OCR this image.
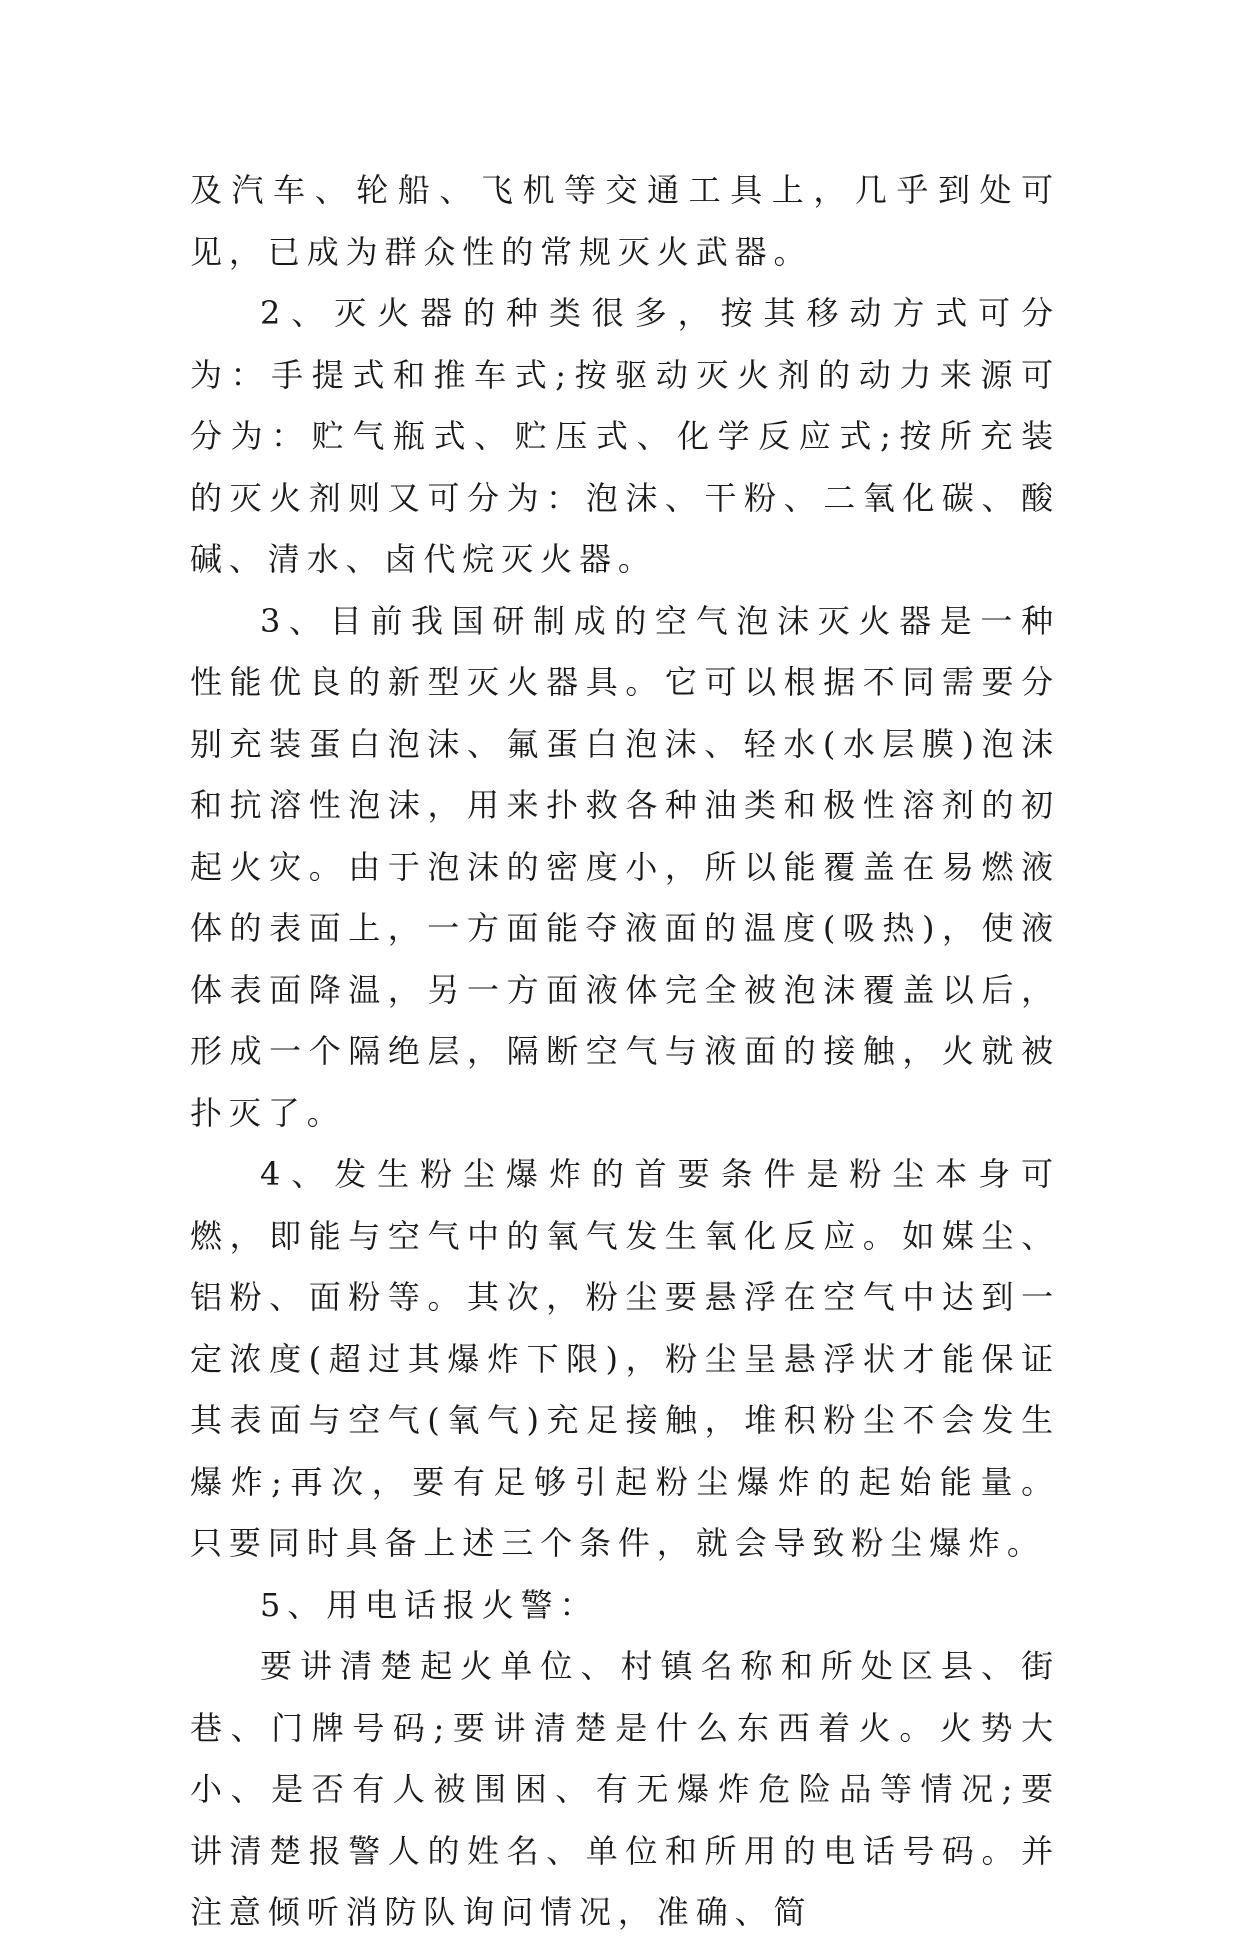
及汽车、轮船、飞机等交通工具上，几乎到处可见，已成为群众性的常规灭火武器。

2、灭火器的种类很多，按其移动方式可分为：手提式和推车式;按驱动灭火剂的动力来源可分为：贮气瓶式、贮压式、化学反应式;按所充装的灭火剂则又可分为：泡沫、干粉、二氧化碳、酸碱、清水、卤代烷灭火器。

3、目前我国研制成的空气泡沫灭火器是一种性能优良的新型灭火器具。它可以根据不同需要分别充装蛋白泡沫、氟蛋白泡沫、轻水(水层膜)泡沫和抗溶性泡沫，用来扑救各种油类和极性溶剂的初起火灾。由于泡沫的密度小，所以能覆盖在易燃液体的表面上，一方面能夺液面的温度(吸热)，使液体表面降温，另一方面液体完全被泡沫覆盖以后，形成一个隔绝层，隔断空气与液面的接触，火就被扑灭了。

4、发生粉尘爆炸的首要条件是粉尘本身可燃，即能与空气中的氧气发生氧化反应。如媒尘、铝粉、面粉等。其次，粉尘要悬浮在空气中达到一定浓度(超过其爆炸下限)，粉尘呈悬浮状才能保证其表面与空气(氧气)充足接触，堆积粉尘不会发生爆炸;再次，要有足够引起粉尘爆炸的起始能量。只要同时具备上述三个条件，就会导致粉尘爆炸。

5、用电话报火警：

要讲清楚起火单位、村镇名称和所处区县、街巷、门牌号码;要讲清楚是什么东西着火。火势大小、是否有人被围困、有无爆炸危险品等情况;要讲清楚报警人的姓名、单位和所用的电话号码。并注意倾听消防队询问情况，准确、简
